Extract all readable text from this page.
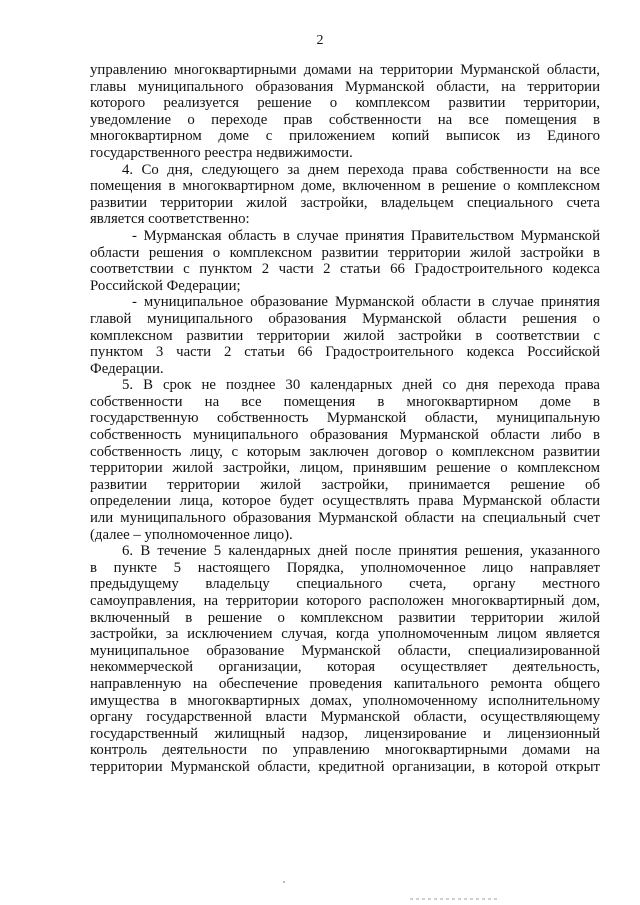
2
управлению многоквартирными домами на территории Мурманской области,
главы муниципального образования Мурманской области, на территории
которого реализуется решение о комплексом развитии территории,
уведомление о переходе прав собственности на все помещения в
многоквартирном доме с приложением копий выписок из Единого
государственного реестра недвижимости.
4. Со дня, следующего за днем перехода права собственности на все
помещения в многоквартирном доме, включенном в решение о комплексном
развитии территории жилой застройки, владельцем специального счета
является соответственно:
- Мурманская область в случае принятия Правительством Мурманской
области решения о комплексном развитии территории жилой застройки в
соответствии с пунктом 2 части 2 статьи 66 Градостроительного кодекса
Российской Федерации;
- муниципальное образование Мурманской области в случае принятия
главой муниципального образования Мурманской области решения о
комплексном развитии территории жилой застройки в соответствии с
пунктом 3 части 2 статьи 66 Градостроительного кодекса Российской
Федерации.
5. В срок не позднее 30 календарных дней со дня перехода права
собственности на все помещения в многоквартирном доме в
государственную собственность Мурманской области, муниципальную
собственность муниципального образования Мурманской области либо в
собственность лицу, с которым заключен договор о комплексном развитии
территории жилой застройки, лицом, принявшим решение о комплексном
развитии территории жилой застройки, принимается решение об
определении лица, которое будет осуществлять права Мурманской области
или муниципального образования Мурманской области на специальный счет
(далее – уполномоченное лицо).
6. В течение 5 календарных дней после принятия решения, указанного
в пункте 5 настоящего Порядка, уполномоченное лицо направляет
предыдущему владельцу специального счета, органу местного
самоуправления, на территории которого расположен многоквартирный дом,
включенный в решение о комплексном развитии территории жилой
застройки, за исключением случая, когда уполномоченным лицом является
муниципальное образование Мурманской области, специализированной
некоммерческой организации, которая осуществляет деятельность,
направленную на обеспечение проведения капитального ремонта общего
имущества в многоквартирных домах, уполномоченному исполнительному
органу государственной власти Мурманской области, осуществляющему
государственный жилищный надзор, лицензирование и лицензионный
контроль деятельности по управлению многоквартирными домами на
территории Мурманской области, кредитной организации, в которой открыт
